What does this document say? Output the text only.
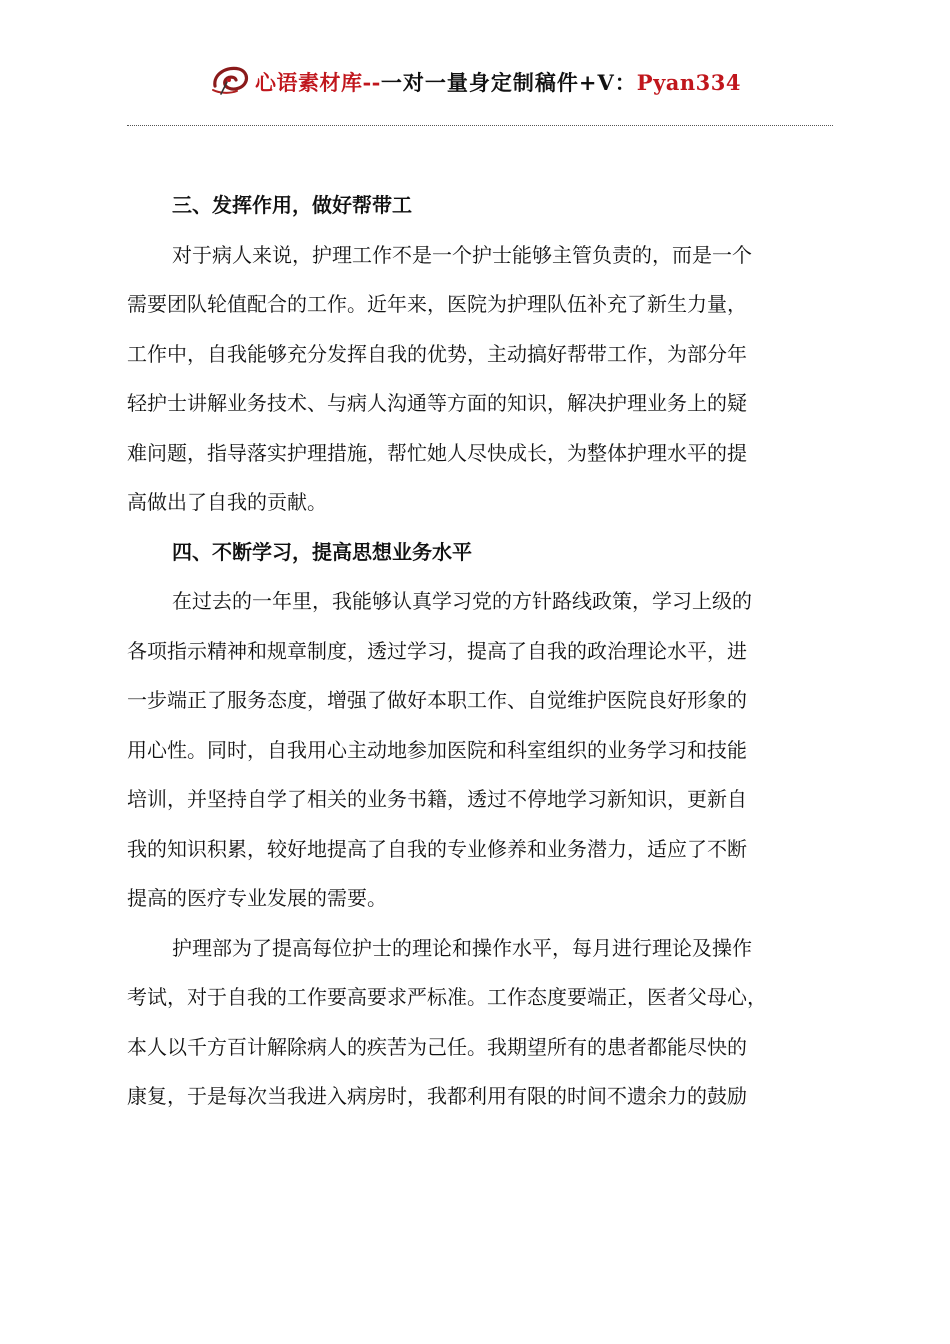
心语素材库--一对一量身定制稿件+V：Pyan334

三、发挥作用，做好帮带工

对于病人来说，护理工作不是一个护士能够主管负责的，而是一个

需要团队轮值配合的工作。近年来，医院为护理队伍补充了新生力量，

工作中，自我能够充分发挥自我的优势，主动搞好帮带工作，为部分年

轻护士讲解业务技术、与病人沟通等方面的知识，解决护理业务上的疑

难问题，指导落实护理措施，帮忙她人尽快成长，为整体护理水平的提

高做出了自我的贡献。

四、不断学习，提高思想业务水平

在过去的一年里，我能够认真学习党的方针路线政策，学习上级的

各项指示精神和规章制度，透过学习，提高了自我的政治理论水平，进

一步端正了服务态度，增强了做好本职工作、自觉维护医院良好形象的

用心性。同时，自我用心主动地参加医院和科室组织的业务学习和技能

培训，并坚持自学了相关的业务书籍，透过不停地学习新知识，更新自

我的知识积累，较好地提高了自我的专业修养和业务潜力，适应了不断

提高的医疗专业发展的需要。

护理部为了提高每位护士的理论和操作水平，每月进行理论及操作

考试，对于自我的工作要高要求严标准。工作态度要端正，医者父母心，

本人以千方百计解除病人的疾苦为己任。我期望所有的患者都能尽快的

康复，于是每次当我进入病房时，我都利用有限的时间不遗余力的鼓励
